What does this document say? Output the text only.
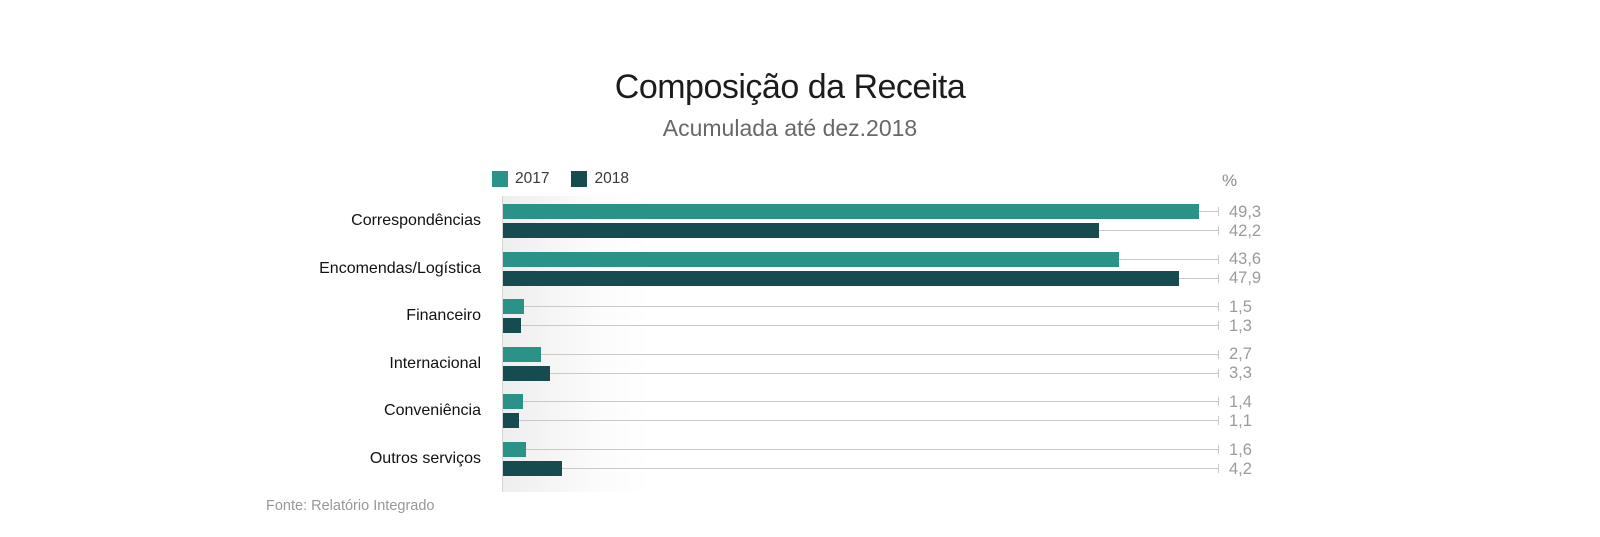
Composição da Receita
Acumulada até dez.2018
2017	2018	%
Correspondências
Encomendas/Logística
Financeiro
Internacional
Conveniência
Outros serviços
49,3
42,2
43,6
47,9
1,5
1,3
2,7
3,3
1,4
1,1
1,6
4,2
Fonte: Relatório Integrado
